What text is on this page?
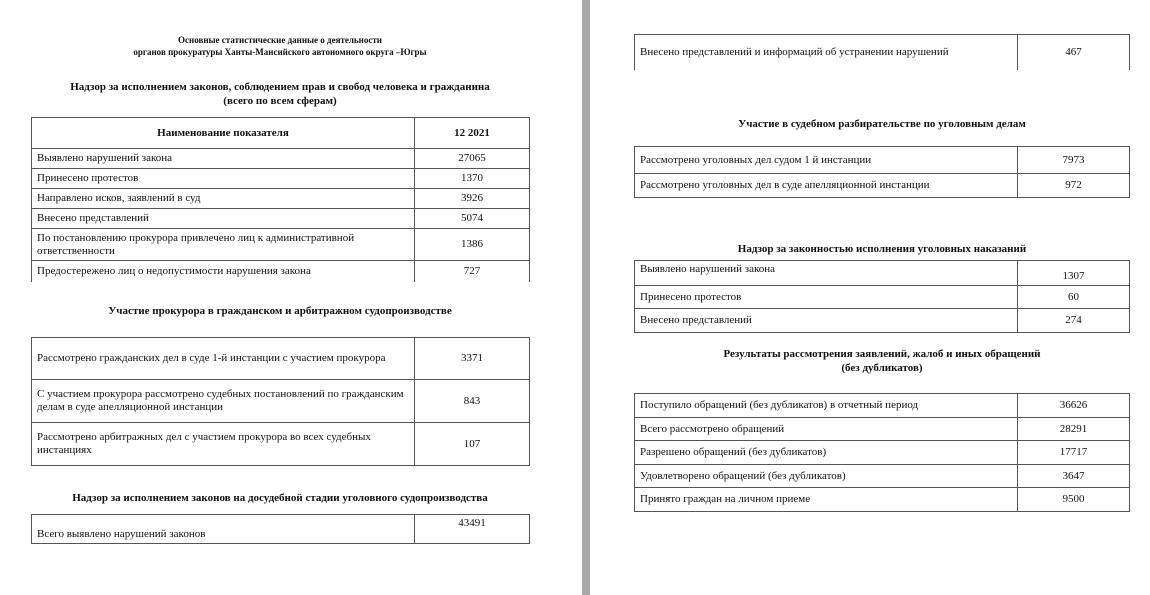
Основные статистические данные о деятельности
органов прокуратуры Ханты-Мансийского автономного округа –Югры
Надзор за исполнением законов, соблюдением прав и свобод человека и гражданина
(всего по всем сферам)
Наименование показателя	12 2021
Выявлено нарушений закона	27065
Принесено протестов	1370
Направлено исков, заявлений в суд	3926
Внесено представлений	5074
По постановлению прокурора привлечено лиц к административной ответственности	1386
Предостережено лиц о недопустимости нарушения закона	727
Участие прокурора в гражданском и арбитражном судопроизводстве
Рассмотрено гражданских дел в суде 1-й инстанции с участием прокурора	3371
С участием прокурора рассмотрено судебных постановлений по гражданским делам в суде апелляционной инстанции	843
Рассмотрено арбитражных дел с участием прокурора во всех судебных инстанциях	107
Надзор за исполнением законов на досудебной стадии уголовного судопроизводства
Всего выявлено нарушений законов	43491
Внесено представлений и информаций об устранении нарушений	467
Участие в судебном разбирательстве по уголовным делам
Рассмотрено уголовных дел судом 1 й инстанции	7973
Рассмотрено уголовных дел в суде апелляционной инстанции	972
Надзор за законностью исполнения уголовных наказаний
Выявлено нарушений закона	1307
Принесено протестов	60
Внесено представлений	274
Результаты рассмотрения заявлений, жалоб и иных обращений
(без дубликатов)
Поступило обращений (без дубликатов) в отчетный период	36626
Всего рассмотрено обращений	28291
Разрешено обращений (без дубликатов)	17717
Удовлетворено обращений (без дубликатов)	3647
Принято граждан на личном приеме	9500
